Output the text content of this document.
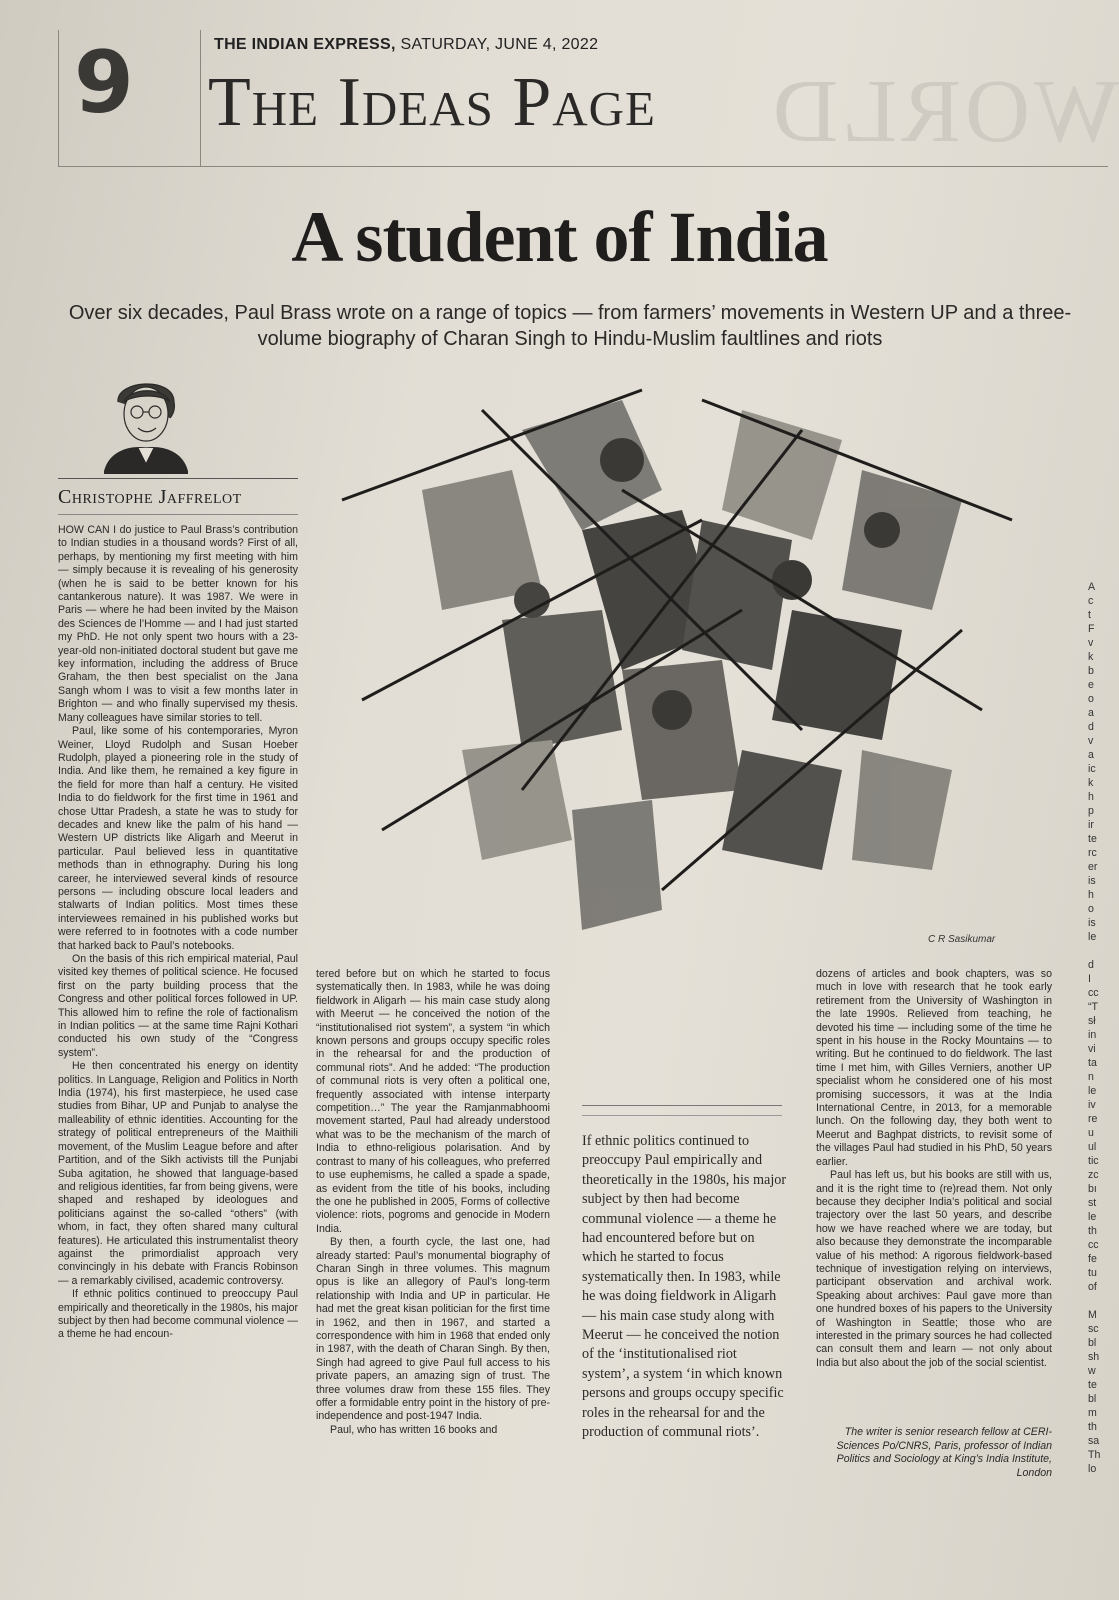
9	THE INDIAN EXPRESS, SATURDAY, JUNE 4, 2022
The Ideas Page WORLD
A student of India
Over six decades, Paul Brass wrote on a range of topics — from farmers’ movements in Western UP and a three-volume biography of Charan Singh to Hindu-Muslim faultlines and riots
Christophe Jaffrelot

HOW CAN I do justice to Paul Brass’s contribution to Indian studies in a thousand words? First of all, perhaps, by mentioning my first meeting with him — simply because it is revealing of his generosity (when he is said to be better known for his cantankerous nature). It was 1987. We were in Paris — where he had been invited by the Maison des Sciences de l’Homme — and I had just started my PhD. He not only spent two hours with a 23-year-old non-initiated doctoral student but gave me key information, including the address of Bruce Graham, the then best specialist on the Jana Sangh whom I was to visit a few months later in Brighton — and who finally supervised my thesis. Many colleagues have similar stories to tell.

Paul, like some of his contemporaries, Myron Weiner, Lloyd Rudolph and Susan Hoeber Rudolph, played a pioneering role in the study of India. And like them, he remained a key figure in the field for more than half a century. He visited India to do fieldwork for the first time in 1961 and chose Uttar Pradesh, a state he was to study for decades and knew like the palm of his hand — Western UP districts like Aligarh and Meerut in particular. Paul believed less in quantitative methods than in ethnography. During his long career, he interviewed several kinds of resource persons — including obscure local leaders and stalwarts of Indian politics. Most times these interviewees remained in his published works but were referred to in footnotes with a code number that harked back to Paul’s notebooks.

On the basis of this rich empirical material, Paul visited key themes of political science. He focused first on the party building process that the Congress and other political forces followed in UP. This allowed him to refine the role of factionalism in Indian politics — at the same time Rajni Kothari conducted his own study of the “Congress system”.

He then concentrated his energy on identity politics. In Language, Religion and Politics in North India (1974), his first masterpiece, he used case studies from Bihar, UP and Punjab to analyse the malleability of ethnic identities. Accounting for the strategy of political entrepreneurs of the Maithili movement, of the Muslim League before and after Partition, and of the Sikh activists till the Punjabi Suba agitation, he showed that language-based and religious identities, far from being givens, were shaped and reshaped by ideologues and politicians against the so-called “others” (with whom, in fact, they often shared many cultural features). He articulated this instrumentalist theory against the primordialist approach very convincingly in his debate with Francis Robinson — a remarkably civilised, academic controversy.

If ethnic politics continued to preoccupy Paul empirically and theoretically in the 1980s, his major subject by then had become communal violence — a theme he had encoun-

C R Sasikumar

tered before but on which he started to focus systematically then. In 1983, while he was doing fieldwork in Aligarh — his main case study along with Meerut — he conceived the notion of the “institutionalised riot system”, a system “in which known persons and groups occupy specific roles in the rehearsal for and the production of communal riots”. And he added: “The production of communal riots is very often a political one, frequently associated with intense interparty competition…” The year the Ramjanmabhoomi movement started, Paul had already understood what was to be the mechanism of the march of India to ethno-religious polarisation. And by contrast to many of his colleagues, who preferred to use euphemisms, he called a spade a spade, as evident from the title of his books, including the one he published in 2005, Forms of collective violence: riots, pogroms and genocide in Modern India.

By then, a fourth cycle, the last one, had already started: Paul’s monumental biography of Charan Singh in three volumes. This magnum opus is like an allegory of Paul’s long-term relationship with India and UP in particular. He had met the great kisan politician for the first time in 1962, and then in 1967, and started a correspondence with him in 1968 that ended only in 1987, with the death of Charan Singh. By then, Singh had agreed to give Paul full access to his private papers, an amazing sign of trust. The three volumes draw from these 155 files. They offer a formidable entry point in the history of pre-independence and post-1947 India.

Paul, who has written 16 books and

If ethnic politics continued to preoccupy Paul empirically and theoretically in the 1980s, his major subject by then had become communal violence — a theme he had encountered before but on which he started to focus systematically then. In 1983, while he was doing fieldwork in Aligarh — his main case study along with Meerut — he conceived the notion of the ‘institutionalised riot system’, a system ‘in which known persons and groups occupy specific roles in the rehearsal for and the production of communal riots’.

dozens of articles and book chapters, was so much in love with research that he took early retirement from the University of Washington in the late 1990s. Relieved from teaching, he devoted his time — including some of the time he spent in his house in the Rocky Mountains — to writing. But he continued to do fieldwork. The last time I met him, with Gilles Verniers, another UP specialist whom he considered one of his most promising successors, it was at the India International Centre, in 2013, for a memorable lunch. On the following day, they both went to Meerut and Baghpat districts, to revisit some of the villages Paul had studied in his PhD, 50 years earlier.

Paul has left us, but his books are still with us, and it is the right time to (re)read them. Not only because they decipher India’s political and social trajectory over the last 50 years, and describe how we have reached where we are today, but also because they demonstrate the incomparable value of his method: A rigorous fieldwork-based technique of investigation relying on interviews, participant observation and archival work. Speaking about archives: Paul gave more than one hundred boxes of his papers to the University of Washington in Seattle; those who are interested in the primary sources he had collected can consult them and learn — not only about India but also about the job of the social scientist.

The writer is senior research fellow at CERI-Sciences Po/CNRS, Paris, professor of Indian Politics and Sociology at King’s India Institute, London
A
c
t
F
v
k
b
e
o
a
d
v
a
ic
k
h
p
ir
te
rc
er
is
h
o
is
le

d
I
cc
“T
sł
in
vi
ta
n
le
iv
re
u
ul
tic
zc
bı
st
le
th
cc
fe
tu
of

M
sc
bl
sh
w
te
bl
m
th
sa
Th
lo
